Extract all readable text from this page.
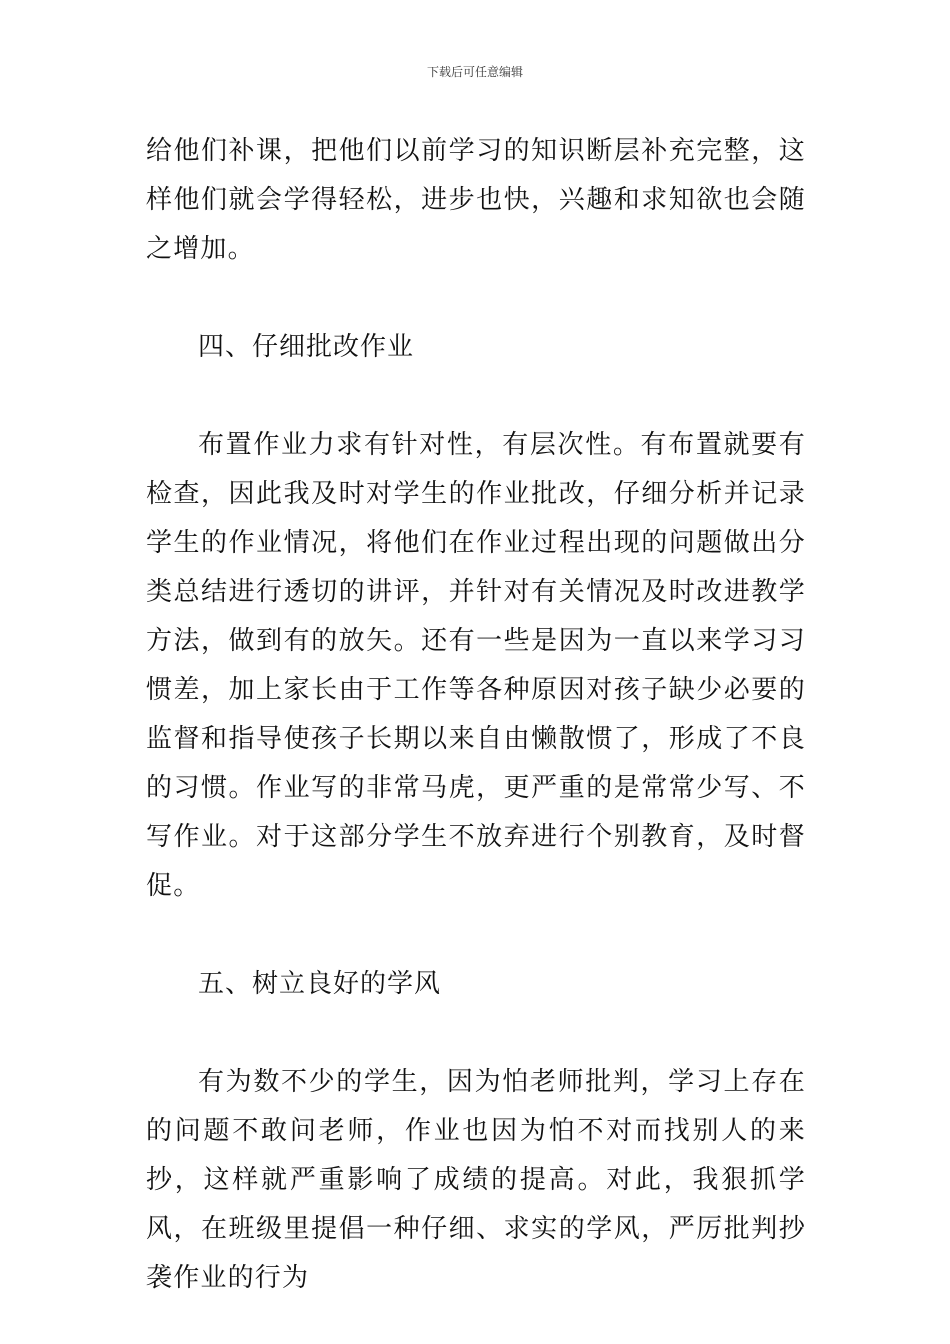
下载后可任意编辑

给他们补课，把他们以前学习的知识断层补充完整，这样他们就会学得轻松，进步也快，兴趣和求知欲也会随之增加。

四、仔细批改作业

布置作业力求有针对性，有层次性。有布置就要有检查，因此我及时对学生的作业批改，仔细分析并记录学生的作业情况，将他们在作业过程出现的问题做出分类总结进行透切的讲评，并针对有关情况及时改进教学方法，做到有的放矢。还有一些是因为一直以来学习习惯差，加上家长由于工作等各种原因对孩子缺少必要的监督和指导使孩子长期以来自由懒散惯了，形成了不良的习惯。作业写的非常马虎，更严重的是常常少写、不写作业。对于这部分学生不放弃进行个别教育，及时督促。

五、树立良好的学风

有为数不少的学生，因为怕老师批判，学习上存在的问题不敢问老师，作业也因为怕不对而找别人的来抄，这样就严重影响了成绩的提高。对此，我狠抓学风，在班级里提倡一种仔细、求实的学风，严厉批判抄袭作业的行为
